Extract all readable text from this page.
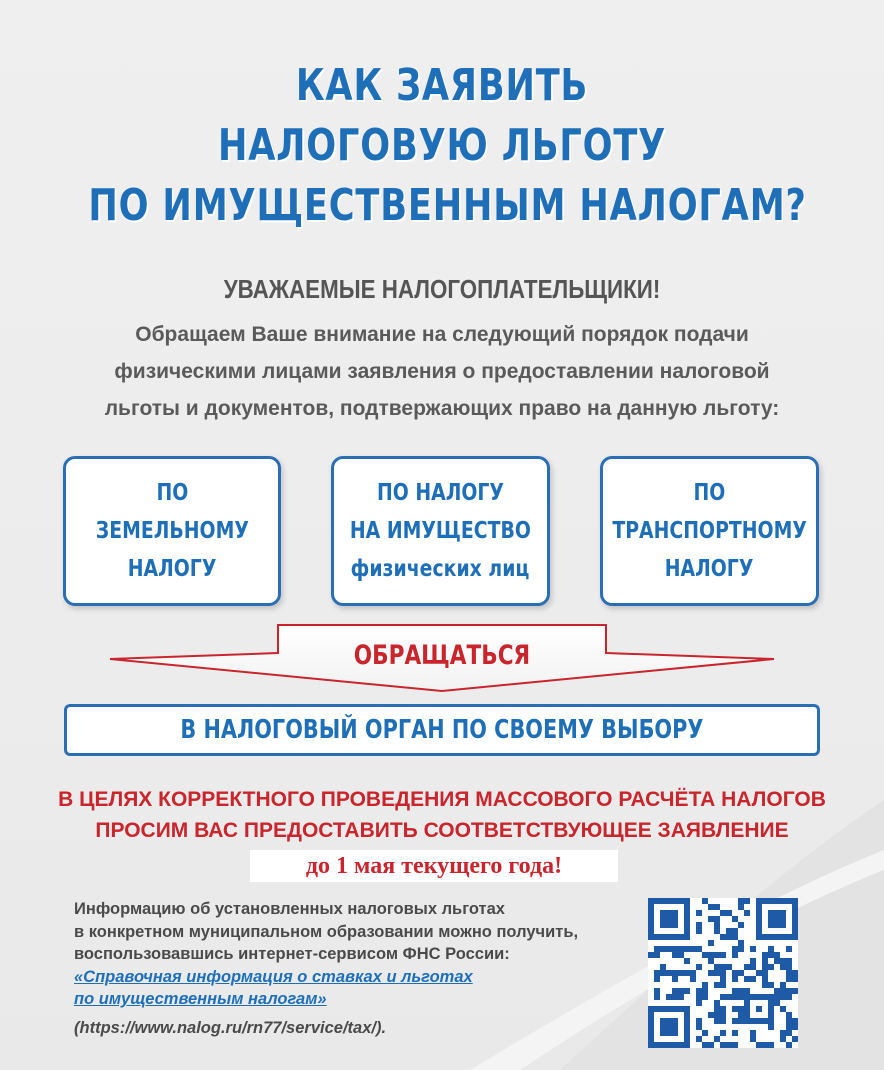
КАК ЗАЯВИТЬ
НАЛОГОВУЮ ЛЬГОТУ
ПО ИМУЩЕСТВЕННЫМ НАЛОГАМ?
УВАЖАЕМЫЕ НАЛОГОПЛАТЕЛЬЩИКИ!
Обращаем Ваше внимание на следующий порядок подачи
физическими лицами заявления о предоставлении налоговой
льготы и документов, подтвержающих право на данную льготу:
ПО
ЗЕМЕЛЬНОМУ
НАЛОГУ
ПО НАЛОГУ
НА ИМУЩЕСТВО
физических лиц
ПО
ТРАНСПОРТНОМУ
НАЛОГУ
ОБРАЩАТЬСЯ
В НАЛОГОВЫЙ ОРГАН ПО СВОЕМУ ВЫБОРУ
В ЦЕЛЯХ КОРРЕКТНОГО ПРОВЕДЕНИЯ МАССОВОГО РАСЧЁТА НАЛОГОВ
ПРОСИМ ВАС ПРЕДОСТАВИТЬ СООТВЕТСТВУЮЩЕЕ ЗАЯВЛЕНИЕ
до 1 мая текущего года!
Информацию об установленных налоговых льготах
в конкретном муниципальном образовании можно получить,
воспользовавшись интернет-сервисом ФНС России:
«Справочная информация о ставках и льготах
по имущественным налогам»
(https://www.nalog.ru/rn77/service/tax/).
